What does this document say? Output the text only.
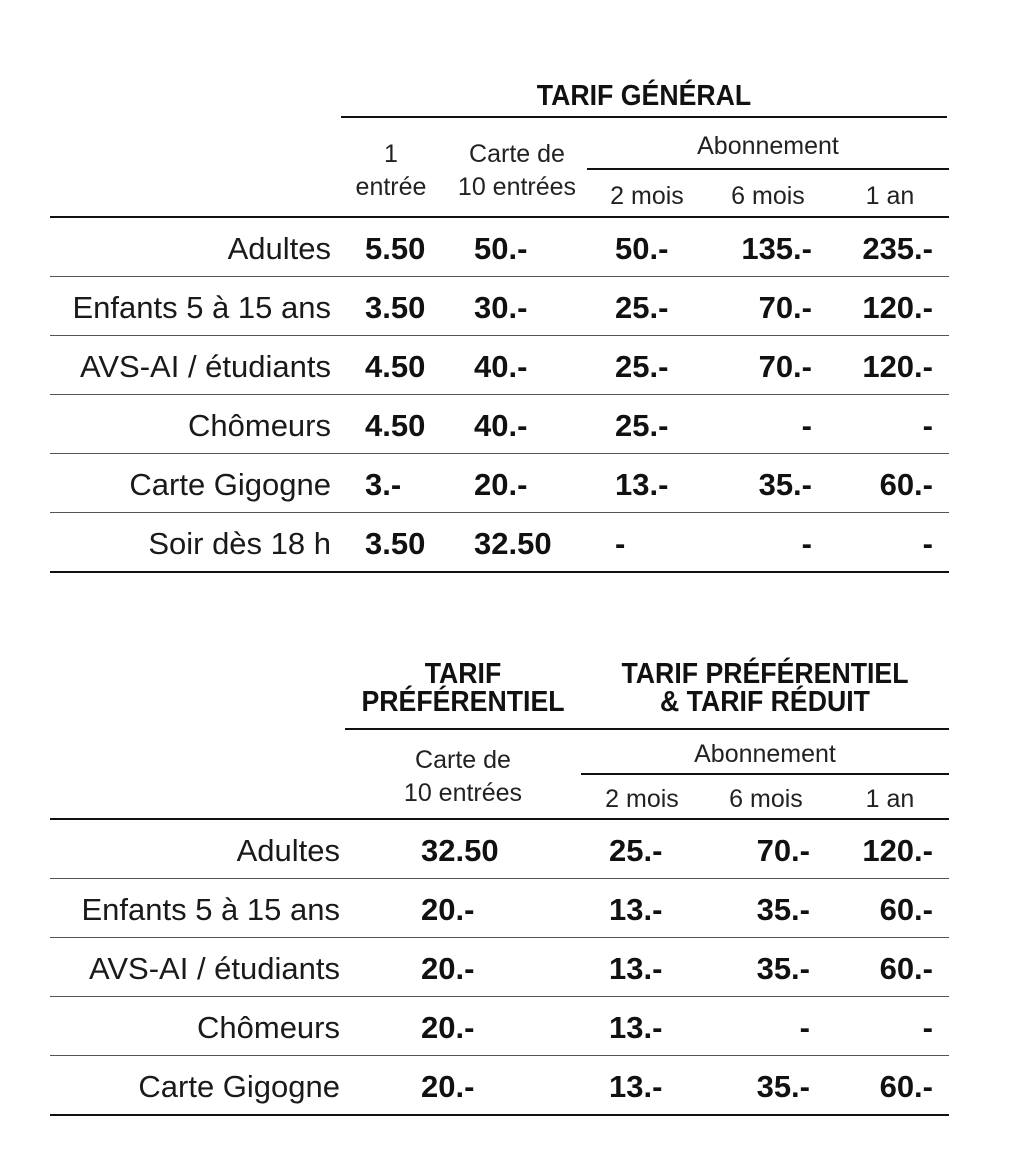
TARIF GÉNÉRAL
1
entrée
Carte de
10 entrées
Abonnement
2 mois	6 mois	1 an
Adultes 5.50 50.-	50.-	135.-	235.-
Enfants 5 à 15 ans 3.50 30.-	25.-	70.-	120.-
AVS-AI / étudiants 4.50 40.-	25.-	70.-	120.-
Chômeurs 4.50 40.-	25.-	-	-
Carte Gigogne 3.- 20.-	13.-	35.-	60.-
Soir dès 18 h 3.50 32.50 -	-	-
TARIF
PRÉFÉRENTIEL
TARIF PRÉFÉRENTIEL
& TARIF RÉDUIT
Carte de
10 entrées
Abonnement
2 mois	6 mois	1 an
Adultes	32.50	25.-	70.-	120.-
Enfants 5 à 15 ans	20.-	13.-	35.-	60.-
AVS-AI / étudiants	20.-	13.-	35.-	60.-
Chômeurs	20.-	13.-	-	-
Carte Gigogne	20.-	13.-	35.-	60.-
